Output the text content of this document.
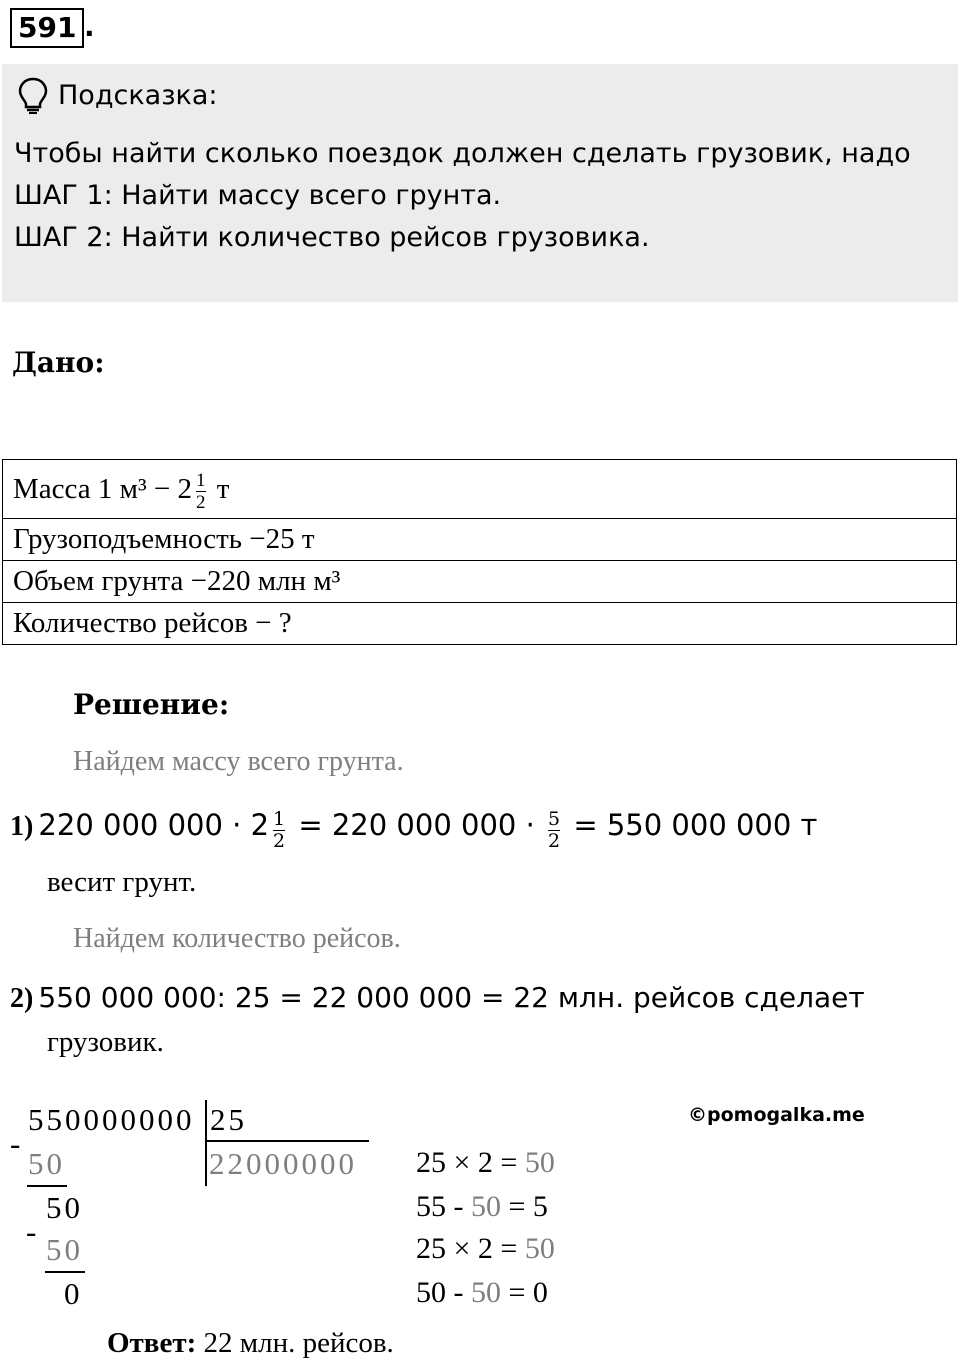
591 .
Подсказка:
Чтобы найти сколько поездок должен сделать грузовик, надо
ШАГ 1: Найти массу всего грунта.
ШАГ 2: Найти количество рейсов грузовика.
Дано:
Масса 1 $м^3 - 2 \frac{1}{2}$ т
Грузоподъемность −25 т
Объем грунта −220 млн м³
Количество рейсов − ?
Решение:
Найдем массу всего грунта.
1) 220 000 $000 \cdot 2 \frac{1}{2} = 220$ 000 $000 \cdot \frac{5}{2} = 550$ 000 000 т
весит грунт.
Найдем количество рейсов.
2) 550 000 000: 25 = 22 000 000 = 22 млн. рейсов сделает
грузовик.
550000000 25
22000000
-
50
50
-
50
0
25 × 2 = 50
55 - 50 = 5
25 × 2 = 50
50 - 50 = 0
©pomogalka.me
Ответ: 22 млн. рейсов.
